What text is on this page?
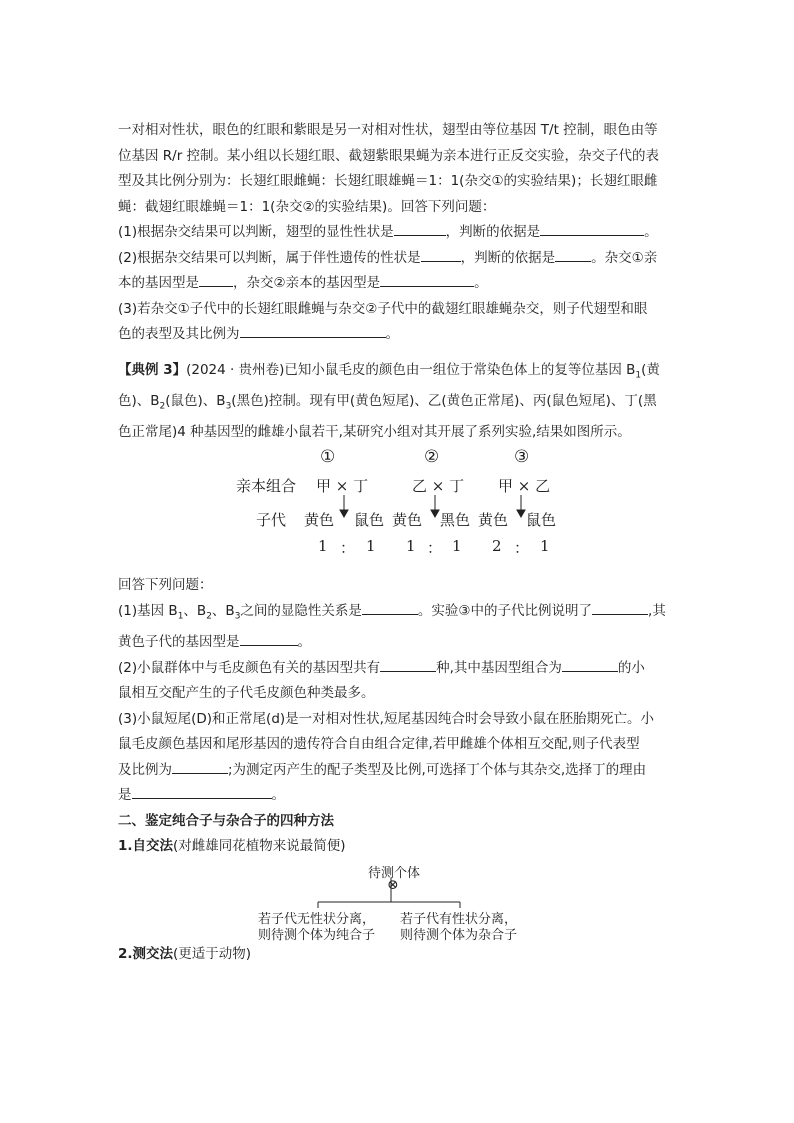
一对相对性状，眼色的红眼和紫眼是另一对相对性状，翅型由等位基因 T/t 控制，眼色由等

位基因 R/r 控制。某小组以长翅红眼、截翅紫眼果蝇为亲本进行正反交实验，杂交子代的表

型及其比例分别为：长翅红眼雌蝇：长翅红眼雄蝇＝1：1(杂交①的实验结果)；长翅红眼雌

蝇：截翅红眼雄蝇＝1：1(杂交②的实验结果)。回答下列问题：

(1)根据杂交结果可以判断，翅型的显性性状是	，判断的依据是	。

(2)根据杂交结果可以判断，属于伴性遗传的性状是	，判断的依据是	。杂交①亲

本的基因型是	，杂交②亲本的基因型是	。

(3)若杂交①子代中的长翅红眼雌蝇与杂交②子代中的截翅红眼雄蝇杂交，则子代翅型和眼

色的表型及其比例为	。

【典例 3】(2024 · 贵州卷)已知小鼠毛皮的颜色由一组位于常染色体上的复等位基因 $B_1$(黄

色)、$B_2$(鼠色)、$B_3$(黑色)控制。现有甲(黄色短尾)、乙(黄色正常尾)、丙(鼠色短尾)、丁(黑

色正常尾)4 种基因型的雌雄小鼠若干,某研究小组对其开展了系列实验,结果如图所示。

①	②	③
亲本组合 甲 × 丁	乙 × 丁 甲 × 乙
子代 黄色 鼠色 黄色 黑色 黄色 鼠色
1 ： 1 1 ： 1 2 ： 1

回答下列问题：

(1)基因 $B_1$、$B_2$、$B_3$之间的显隐性关系是	。实验③中的子代比例说明了	,其

黄色子代的基因型是	。

(2)小鼠群体中与毛皮颜色有关的基因型共有	种,其中基因型组合为	的小

鼠相互交配产生的子代毛皮颜色种类最多。

(3)小鼠短尾(D)和正常尾(d)是一对相对性状,短尾基因纯合时会导致小鼠在胚胎期死亡。小

鼠毛皮颜色基因和尾形基因的遗传符合自由组合定律,若甲雌雄个体相互交配,则子代表型

及比例为	;为测定丙产生的配子类型及比例,可选择丁个体与其杂交,选择丁的理由

是	。

二、鉴定纯合子与杂合子的四种方法

1.自交法(对雌雄同花植物来说最简便)

待测个体
⊗
若子代无性状分离，
则待测个体为纯合子
若子代有性状分离，
则待测个体为杂合子

2.测交法(更适于动物)
